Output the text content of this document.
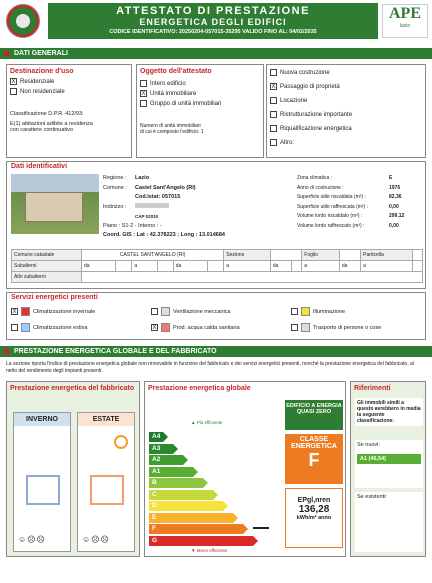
ATTESTATO DI PRESTAZIONE
ENERGETICA DEGLI EDIFICI
CODICE IDENTIFICATIVO: 20250204-057015-35295 VALIDO FINO AL: 04/02/2035
APE
lazio
DATI GENERALI
Destinazione d'uso
X Residenziale
Non residenziale
Classificazione D.P.R. 412/93:
E(1) abitazioni adibite a residenza
con carattere continuativo
Oggetto dell'attestato
Intero edificio
X Unità immobiliare
Gruppo di unità immobiliari
Numero di unità immobiliari
di cui è composto l'edificio: 1
Nuova costruzione
X Passaggio di proprietà
Locazione
Ristrutturazione importante
Riqualificazione energetica
Altro:
Dati identificativi
Regione : Lazio
Comune : Castel Sant'Angelo (RI)
Cod.Istat: 057015
Indirizzo :
CAP 02010
Piano : S1-2 - Interno : -
Coord. GIS : Lat : 42.378223 ; Long : 13.014684
Zona climatica :	E
Anno di costruzione :	1976
Superficie utile riscaldata (m²) :	82,36
Superficie utile raffrescata (m²) :	0,00
Volume lordo riscaldato (m³) :	299,12
Volume lordo raffrescato (m³) :	0,00
Comune catastale	CASTEL SANT'ANGELO (RI)						Sezione			Foglio		Particella	
Subalterni	da		a		da		a	da		a	da	a	
Altri subalterni													
Servizi energetici presenti
X	Climatizzazione invernale	Ventilazione meccanica	Illuminazione
Climatizzazione estiva	X	Prod. acqua calda sanitaria	Trasporto di persone o cose
PRESTAZIONE ENERGETICA GLOBALE E DEL FABBRICATO
La sezione riporta l'indice di prestazione energetica globale non rinnovabile in funzione del fabbricato e dei servizi energetici presenti, nonché la prestazione energetica del fabbricato, al netto del rendimento degli impianti presenti.
Prestazione energetica del fabbricato
INVERNO
☺☹☹
ESTATE
☺☹☹
Prestazione energetica globale
▲ Più efficiente
A4
A3
A2
A1
B
C
D
E
F
G
▼ Meno efficiente
EDIFICIO A ENERGIA QUASI ZERO
CLASSE ENERGETICA
F
EPgl,nren
136,28
kWh/m² anno
Riferimenti
Gli immobili simili a questo avrebbero in media la seguente classificazione:
Se nuovi:
A1 (46,54)
Se esistenti:
